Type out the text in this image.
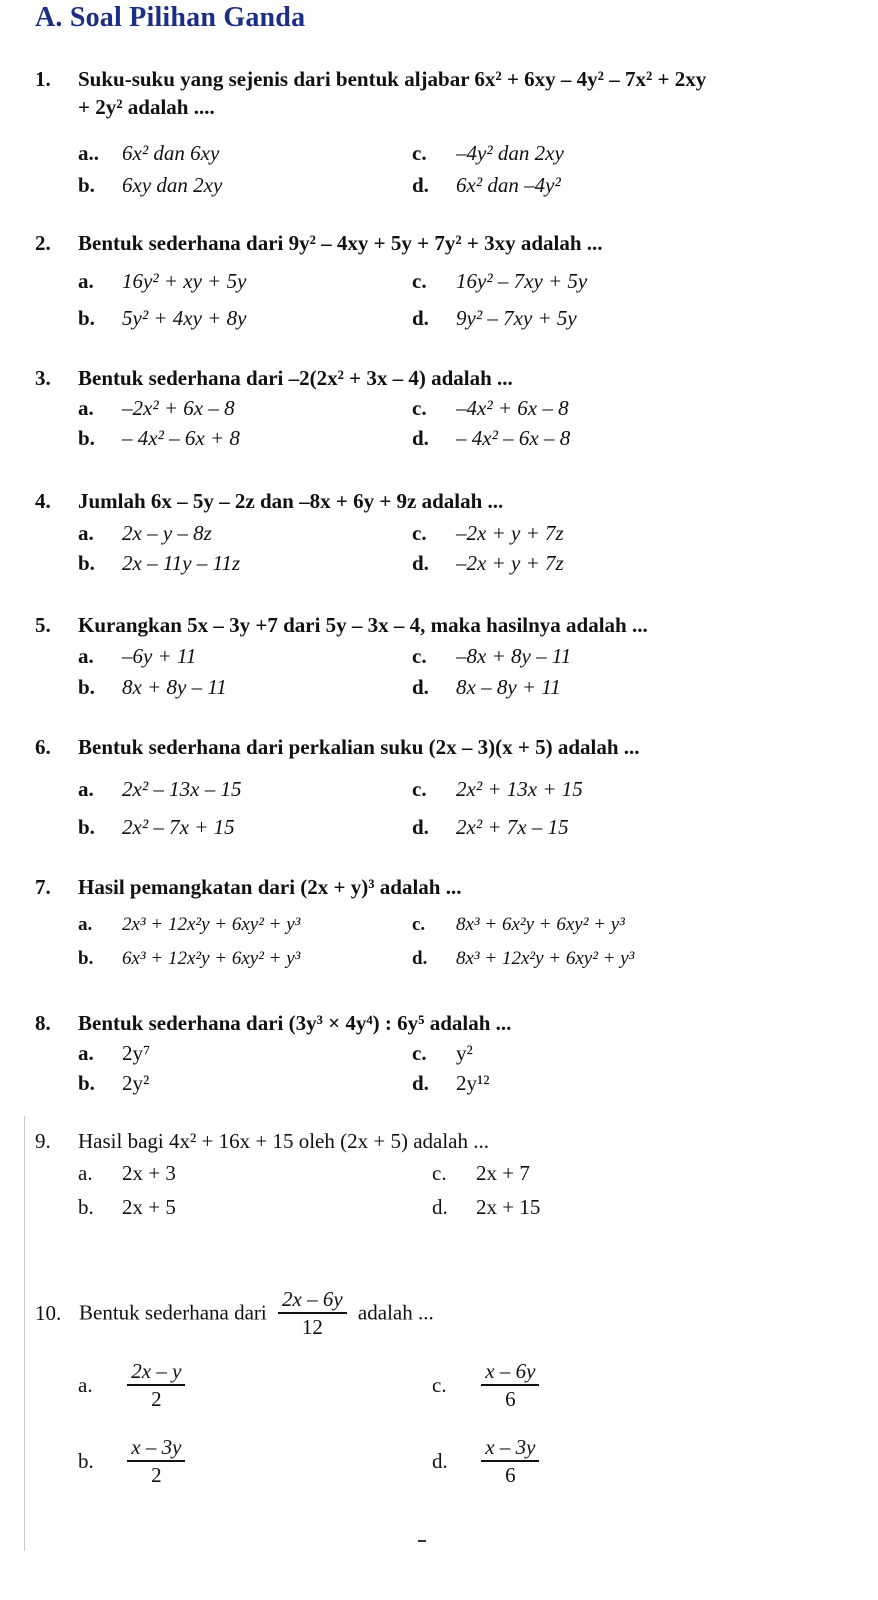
A. Soal Pilihan Ganda
1. Suku-suku yang sejenis dari bentuk aljabar 6x² + 6xy – 4y² – 7x² + 2xy
+ 2y² adalah ....
a.. 6x² dan 6xy
b. 6xy dan 2xy
c. –4y² dan 2xy
d. 6x² dan –4y²
2. Bentuk sederhana dari 9y² – 4xy + 5y + 7y² + 3xy adalah ...
a. 16y² + xy + 5y
b. 5y² + 4xy + 8y
c. 16y² – 7xy + 5y
d. 9y² – 7xy + 5y
3. Bentuk sederhana dari –2(2x² + 3x – 4) adalah ...
a. –2x² + 6x – 8
b. – 4x² – 6x + 8
c. –4x² + 6x – 8
d. – 4x² – 6x – 8
4. Jumlah 6x – 5y – 2z dan –8x + 6y + 9z adalah ...
a. 2x – y – 8z
b. 2x – 11y – 11z
c. –2x + y + 7z
d. –2x + y + 7z
5. Kurangkan 5x – 3y +7 dari 5y – 3x – 4, maka hasilnya adalah ...
a. –6y + 11
b. 8x + 8y – 11
c. –8x + 8y – 11
d. 8x – 8y + 11
6. Bentuk sederhana dari perkalian suku (2x – 3)(x + 5) adalah ...
a. 2x² – 13x – 15
b. 2x² – 7x + 15
c. 2x² + 13x + 15
d. 2x² + 7x – 15
7. Hasil pemangkatan dari (2x + y)³ adalah ...
a. 2x³ + 12x²y + 6xy² + y³
b. 6x³ + 12x²y + 6xy² + y³
c. 8x³ + 6x²y + 6xy² + y³
d. 8x³ + 12x²y + 6xy² + y³
8. Bentuk sederhana dari (3y³ × 4y⁴) : 6y⁵ adalah ...
a. 2y⁷
b. 2y²
c. y²
d. 2y¹²
9. Hasil bagi 4x² + 16x + 15 oleh (2x + 5) adalah ...
a. 2x + 3
b. 2x + 5
c. 2x + 7
d. 2x + 15
10. Bentuk sederhana dari $\frac{2x - 6y}{12}$ adalah ...
a. $\frac{2x - y}{2}$
b. $\frac{x - 3y}{2}$
c. $\frac{x - 6y}{6}$
d. $\frac{x - 3y}{6}$
